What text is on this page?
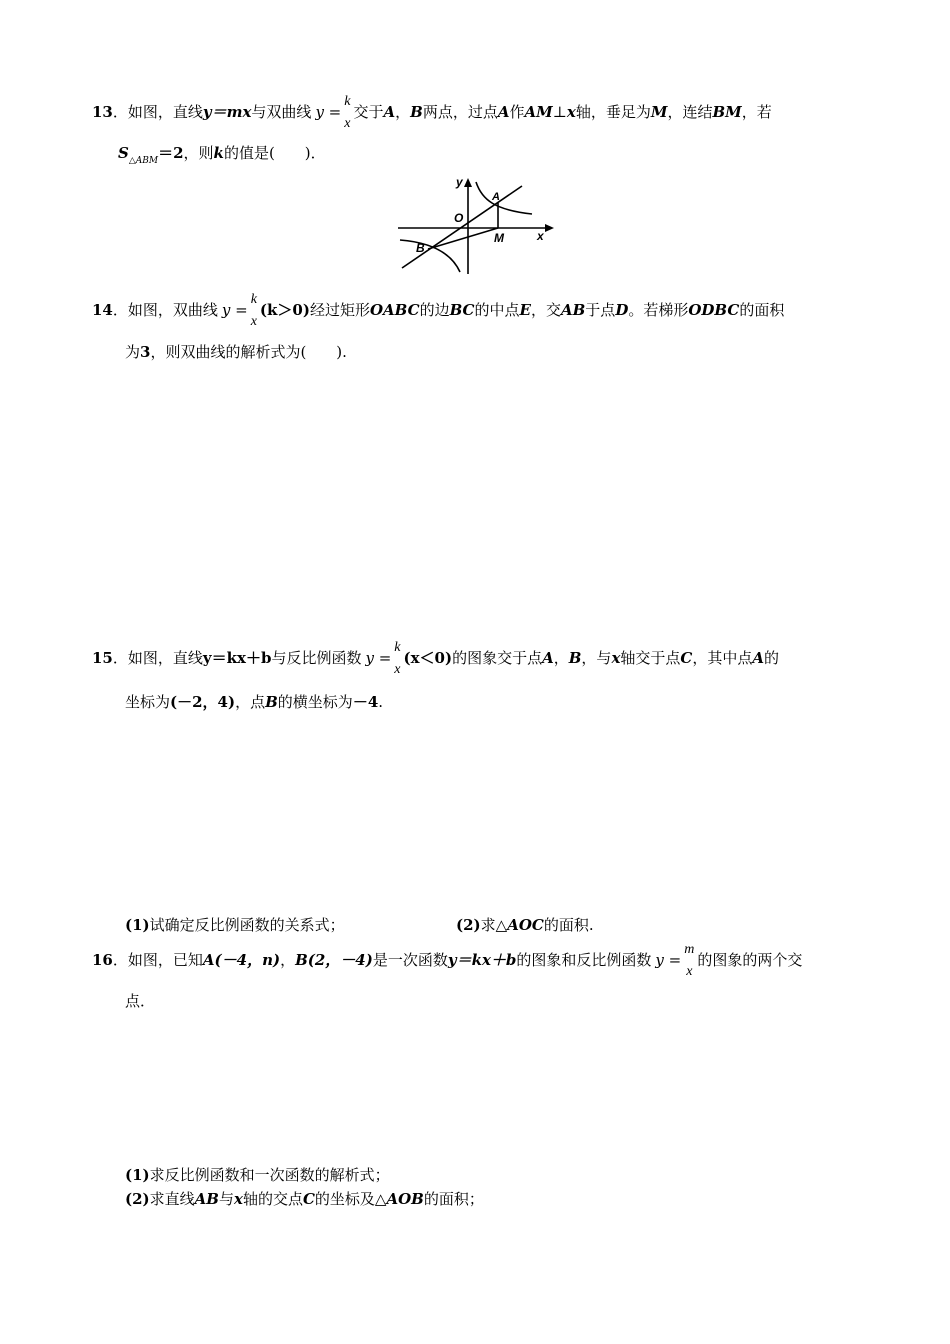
13．如图，直线y＝mx与双曲线 y =
k
x
交于A，B两点，过点A作AM⊥x轴，垂足为M，连结BM，若
$S_{\triangle ABM}=2$，则k的值是(　　)．
y
x
O
A
M
B
14．如图，双曲线 y =
k
x
(k＞0)经过矩形OABC的边BC的中点E，交AB于点D。若梯形ODBC的面积
为3，则双曲线的解析式为(　　).
15．如图，直线y＝kx＋b与反比例函数 y =
k
x
(x＜0)的图象交于点A，B，与x轴交于点C，其中点A的
坐标为(－2，4)，点B的横坐标为－4.
(1)试确定反比例函数的关系式；	(2)求△AOC的面积.
16．如图，已知A(－4，n)，B(2，－4)是一次函数y＝kx＋b的图象和反比例函数 y =
m
x
的图象的两个交
点．
(1)求反比例函数和一次函数的解析式；
(2)求直线AB与x轴的交点C的坐标及△AOB的面积；
